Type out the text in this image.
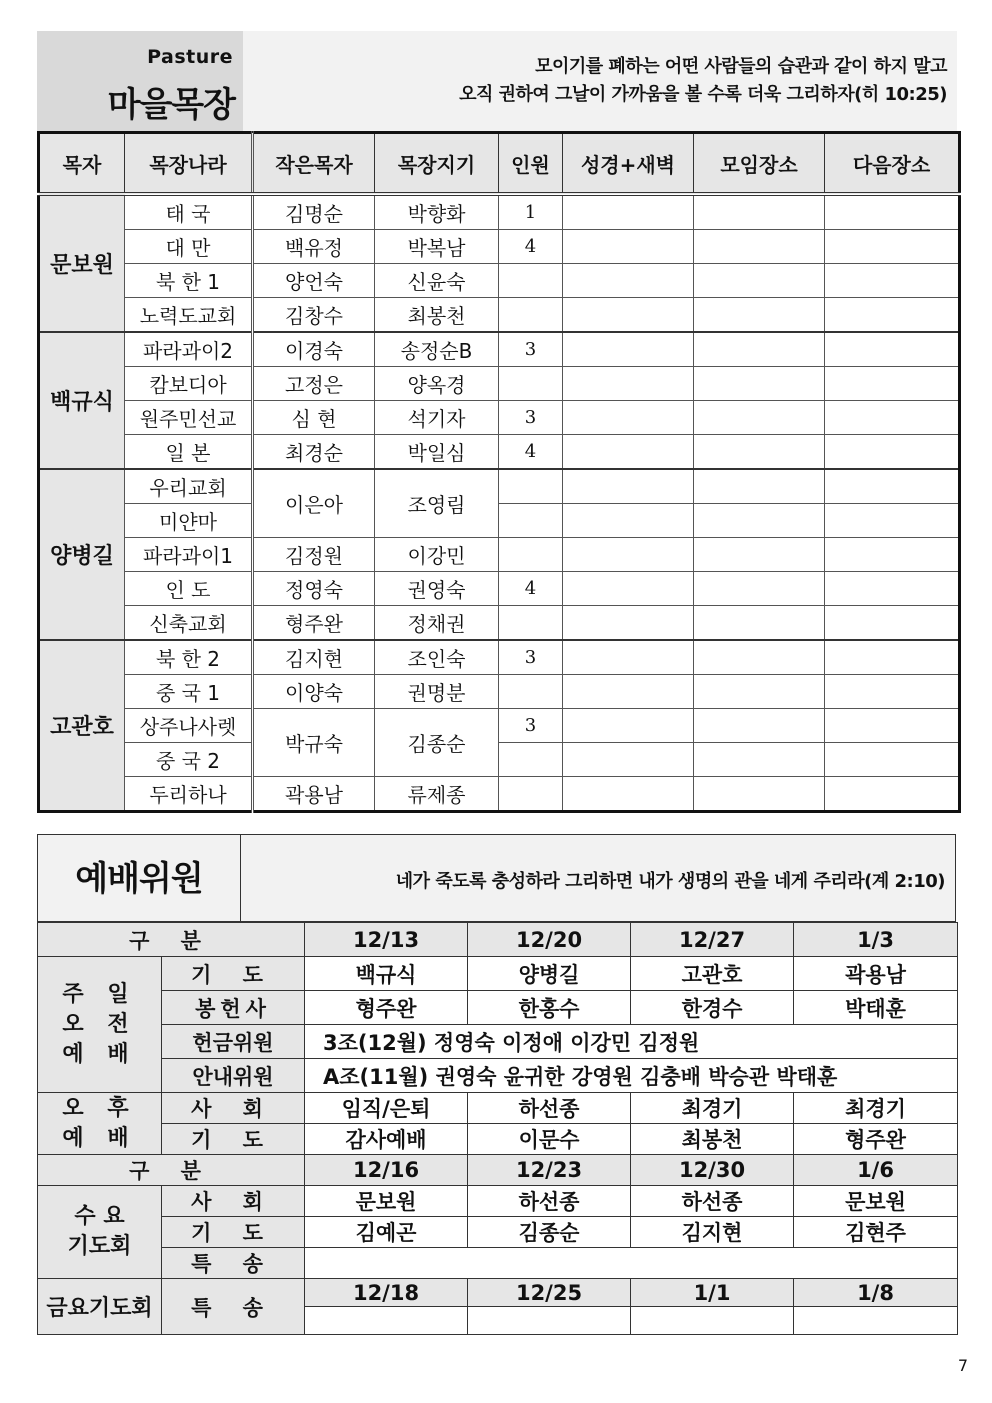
Pasture
마을목장
모이기를 폐하는 어떤 사람들의 습관과 같이 하지 말고
오직 권하여 그날이 가까움을 볼 수록 더욱 그리하자(히 10:25)
목자	목장나라	작은목자	목장지기	인원	성경+새벽	모임장소	다음장소
문보원	태 국	김명순	박향화	1			
	대 만	백유정	박복남	4			
	북 한 1	양언숙	신윤숙				
	노력도교회	김창수	최봉천				
백규식	파라과이2	이경숙	송정순B	3			
	캄보디아	고정은	양옥경				
	원주민선교	심 현	석기자	3			
	일 본	최경순	박일심	4			
양병길	우리교회	이은아	조영림				
	미얀마						
	파라과이1	김정원	이강민				
	인 도	정영숙	권영숙	4			
	신축교회	형주완	정채권				
고관호	북 한 2	김지현	조인숙	3			
	중 국 1	이양숙	권명분				
	상주나사렛	박규숙	김종순	3			
	중 국 2						
	두리하나	곽용남	류제종				
예배위원	네가 죽도록 충성하라 그리하면 내가 생명의 관을 네게 주리라(계 2:10)
구 분		12/13	12/20	12/27	1/3
주 일
오 전
예 배	기 도	백규식	양병길	고관호	곽용남
	봉헌사	형주완	한홍수	한경수	박태훈
	헌금위원	3조(12월) 정영숙 이정애 이강민 김정원			
	안내위원	A조(11월) 권영숙 윤귀한 강영원 김충배 박승관 박태훈			
오 후
예 배	사 회	임직/은퇴	하선종	최경기	최경기
	기 도	감사예배	이문수	최봉천	형주완
구 분		12/16	12/23	12/30	1/6
수 요
기도회	사 회	문보원	하선종	하선종	문보원
	기 도	김예곤	김종순	김지현	김현주
	특 송				
금요기도회	특 송	12/18	12/25	1/1	1/8

7
